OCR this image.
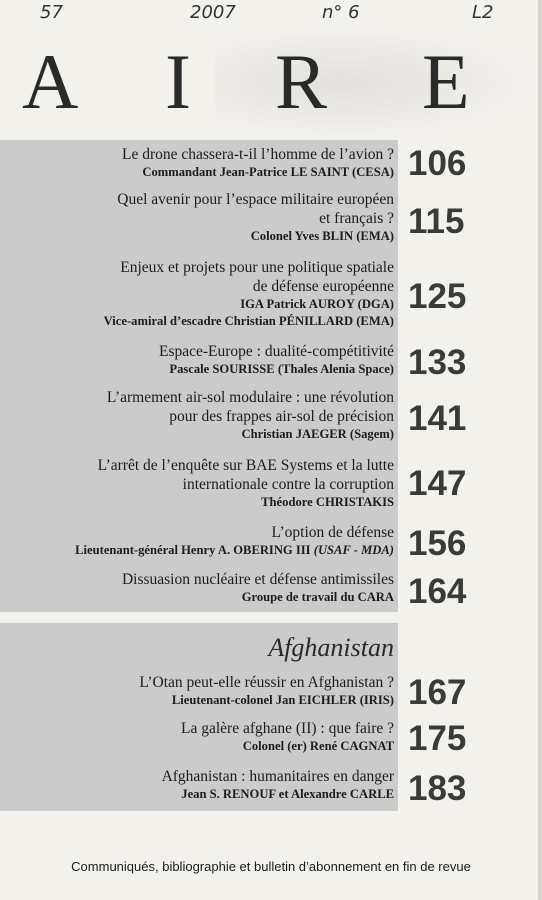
57	2007	n° 6	L2
A I R E
Le drone chassera-t-il l’homme de l’avion ?
Commandant Jean-Patrice LE SAINT (CESA) 106
Quel avenir pour l’espace militaire européen
et français ?
Colonel Yves BLIN (EMA) 115
Enjeux et projets pour une politique spatiale
de défense européenne
IGA Patrick AUROY (DGA)
Vice-amiral d’escadre Christian PÉNILLARD (EMA)
125
Espace-Europe : dualité-compétitivité
Pascale SOURISSE (Thales Alenia Space) 133
L’armement air-sol modulaire : une révolution
pour des frappes air-sol de précision
Christian JAEGER (Sagem) 141
L’arrêt de l’enquête sur BAE Systems et la lutte
internationale contre la corruption
Théodore CHRISTAKIS 147
L’option de défense
Lieutenant-général Henry A. OBERING III (USAF - MDA) 156
Dissuasion nucléaire et défense antimissiles
Groupe de travail du CARA 164
Afghanistan
L’Otan peut-elle réussir en Afghanistan ?
Lieutenant-colonel Jan EICHLER (IRIS) 167
La galère afghane (II) : que faire ?
Colonel (er) René CAGNAT 175
Afghanistan : humanitaires en danger
Jean S. RENOUF et Alexandre CARLE 183
Communiqués, bibliographie et bulletin d’abonnement en fin de revue
